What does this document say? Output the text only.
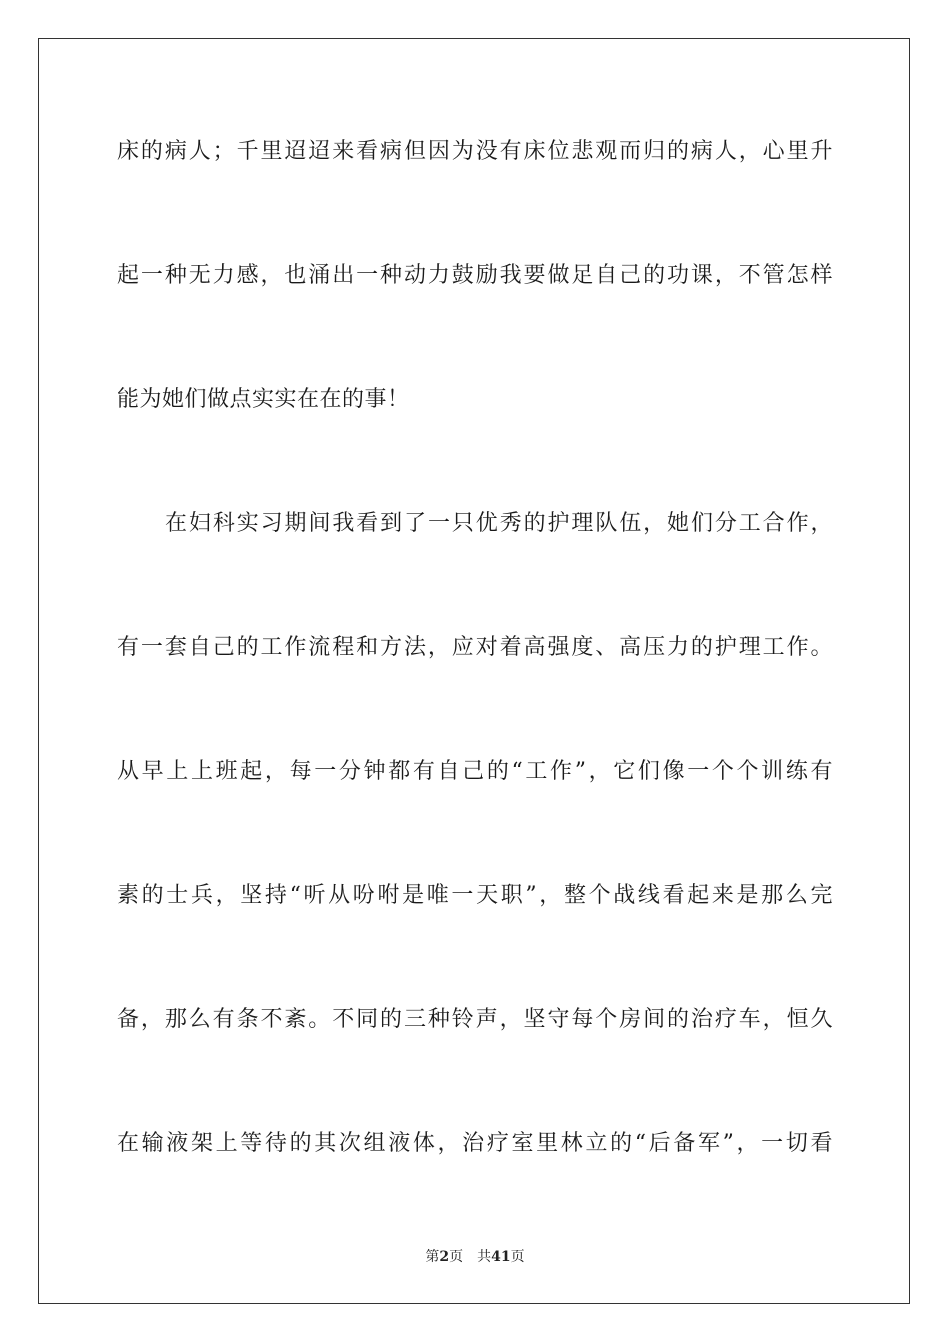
床的病人；千里迢迢来看病但因为没有床位悲观而归的病人，心里升
起一种无力感，也涌出一种动力鼓励我要做足自己的功课，不管怎样
能为她们做点实实在在的事！
在妇科实习期间我看到了一只优秀的护理队伍，她们分工合作，
有一套自己的工作流程和方法，应对着高强度、高压力的护理工作。
从早上上班起，每一分钟都有自己的“工作”，它们像一个个训练有
素的士兵，坚持“听从吩咐是唯一天职”，整个战线看起来是那么完
备，那么有条不紊。不同的三种铃声，坚守每个房间的治疗车，恒久
在输液架上等待的其次组液体，治疗室里林立的“后备军”，一切看
第2页 共41页
